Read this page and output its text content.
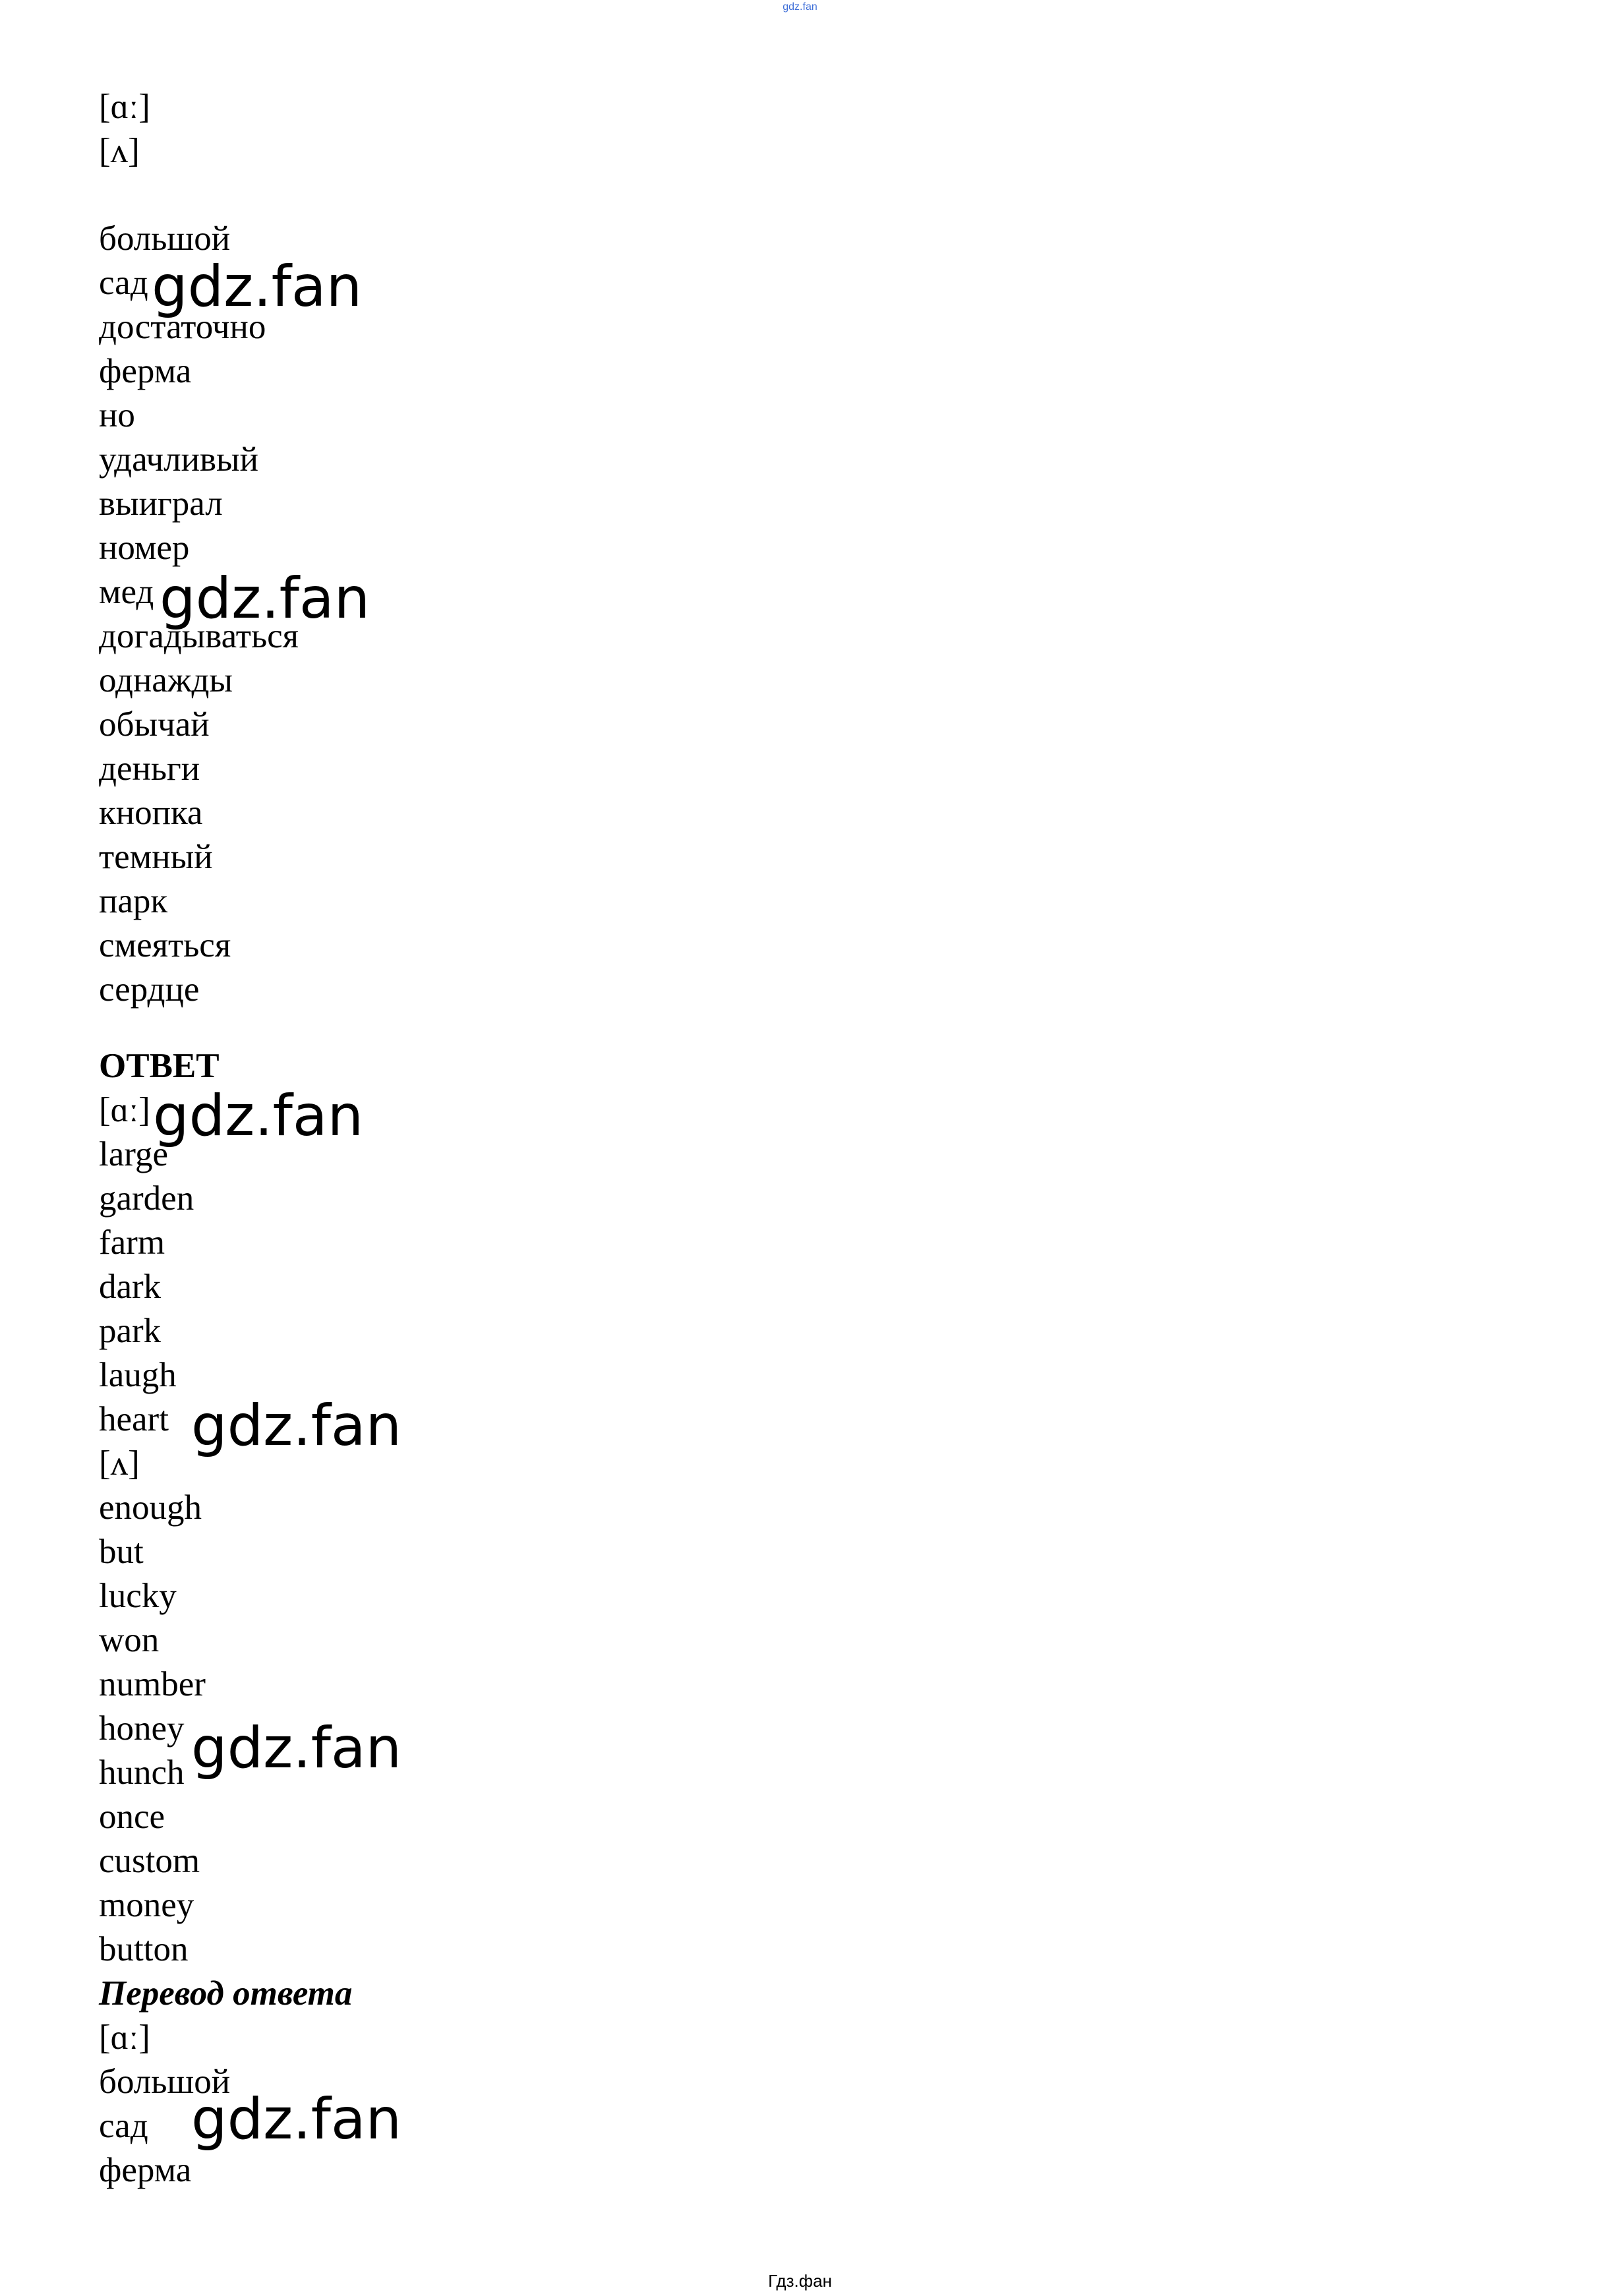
gdz.fan

[ɑː]

[ʌ]

большой

сад

достаточно

ферма

но

удачливый

выиграл

номер

мед

догадываться

однажды

обычай

деньги

кнопка

темный

парк

смеяться

сердце

ОТВЕТ

[ɑː]

large

garden

farm

dark

park

laugh

heart

[ʌ]

enough

but

lucky

won

number

honey

hunch

once

custom

money

button

Перевод ответа

[ɑː]

большой

сад

ферма

gdz.fan
gdz.fan
gdz.fan
gdz.fan
gdz.fan
gdz.fan
Гдз.фан
